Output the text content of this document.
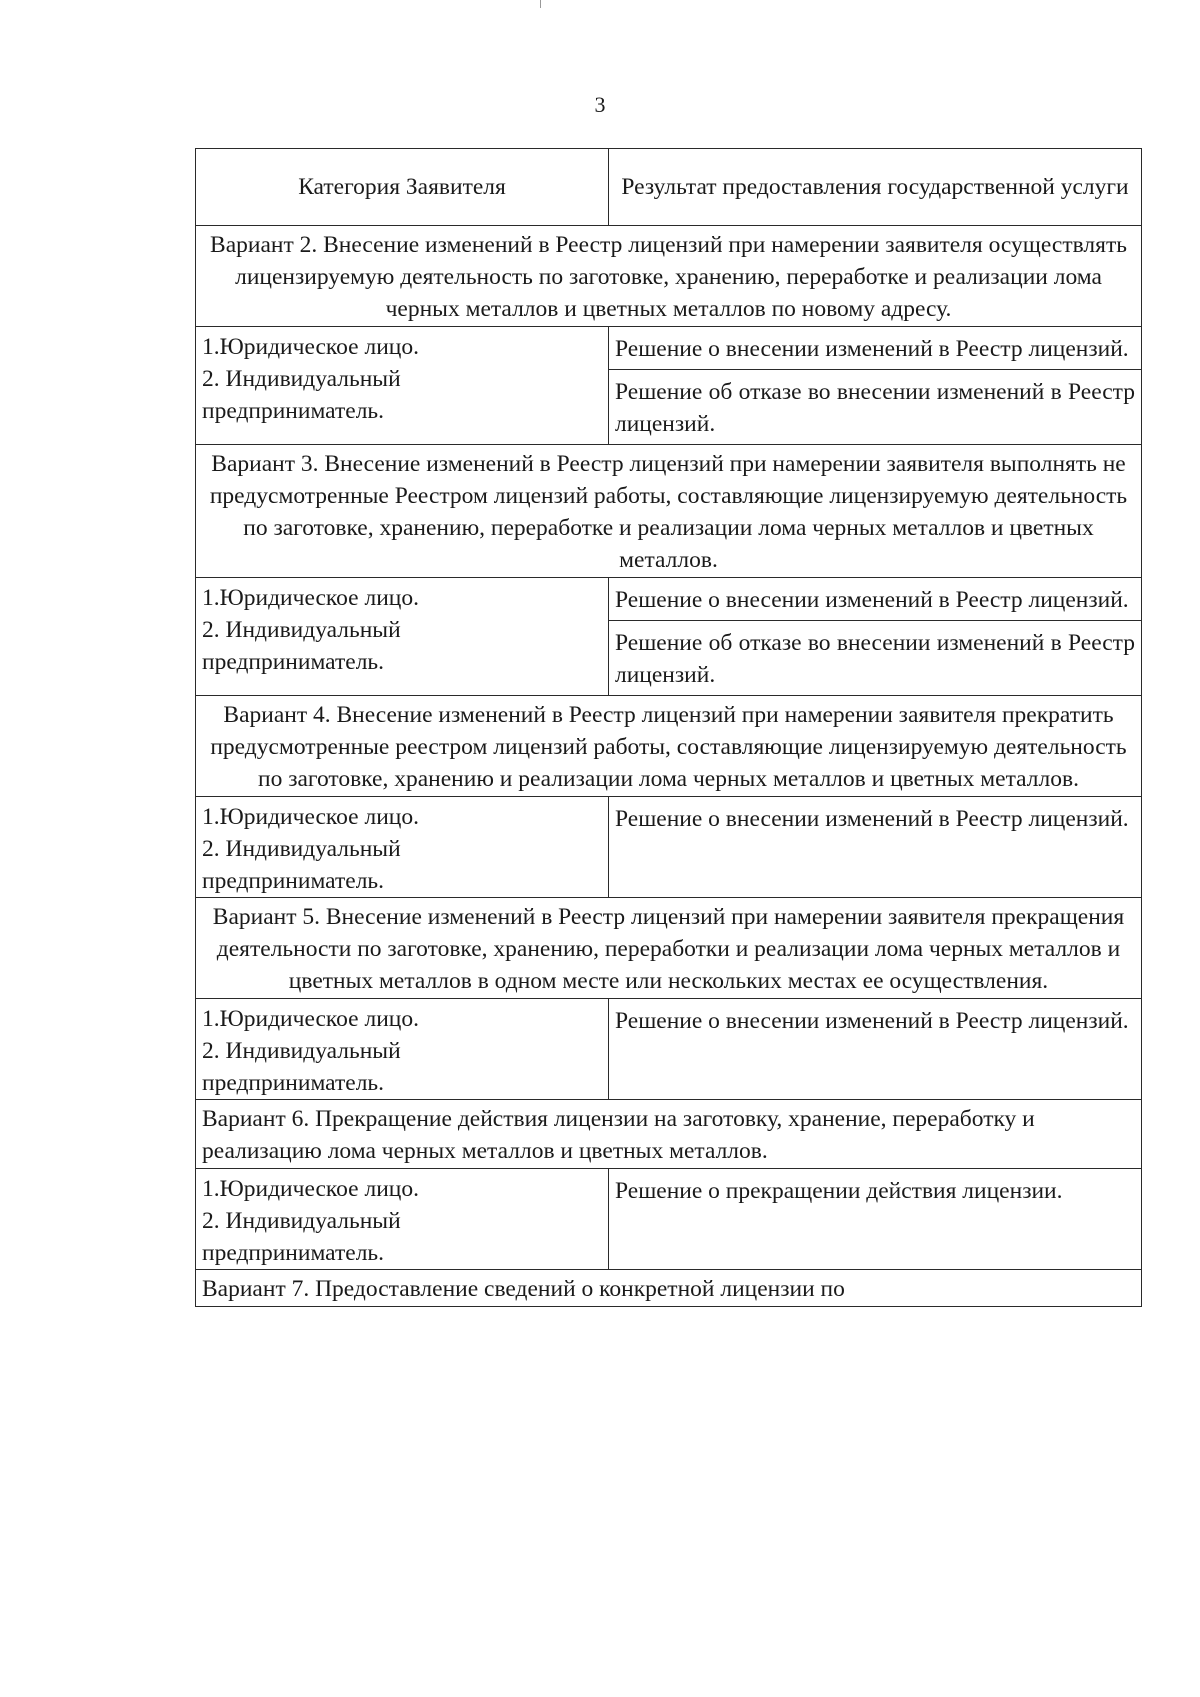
3
Категория Заявителя	Результат предоставления государственной услуги
Вариант 2. Внесение изменений в Реестр лицензий при намерении заявителя осуществлять лицензируемую деятельность по заготовке, хранению, переработке и реализации лома черных металлов и цветных металлов по новому адресу.	

1.Юридическое лицо.
2. Индивидуальный
предприниматель.	Решение о внесении изменений в Реестр лицензий.
	Решение об отказе во внесении изменений в Реестр лицензий.
Вариант 3. Внесение изменений в Реестр лицензий при намерении заявителя выполнять не предусмотренные Реестром лицензий работы, составляющие лицензируемую деятельность по заготовке, хранению, переработке и реализации лома черных металлов и цветных металлов.	

1.Юридическое лицо.
2. Индивидуальный
предприниматель.	Решение о внесении изменений в Реестр лицензий.
	Решение об отказе во внесении изменений в Реестр лицензий.
Вариант 4. Внесение изменений в Реестр лицензий при намерении заявителя прекратить предусмотренные реестром лицензий работы, составляющие лицензируемую деятельность по заготовке, хранению и реализации лома черных металлов и цветных металлов.	

1.Юридическое лицо.
2. Индивидуальный
предприниматель.	Решение о внесении изменений в Реестр лицензий.
Вариант 5. Внесение изменений в Реестр лицензий при намерении заявителя прекращения деятельности по заготовке, хранению, переработки и реализации лома черных металлов и цветных металлов в одном месте или нескольких местах ее осуществления.	

1.Юридическое лицо.
2. Индивидуальный
предприниматель.	Решение о внесении изменений в Реестр лицензий.
Вариант 6. Прекращение действия лицензии на заготовку, хранение, переработку и реализацию лома черных металлов и цветных металлов.	

1.Юридическое лицо.
2. Индивидуальный
предприниматель.	Решение о прекращении действия лицензии.
Вариант 7. Предоставление сведений о конкретной лицензии по	
